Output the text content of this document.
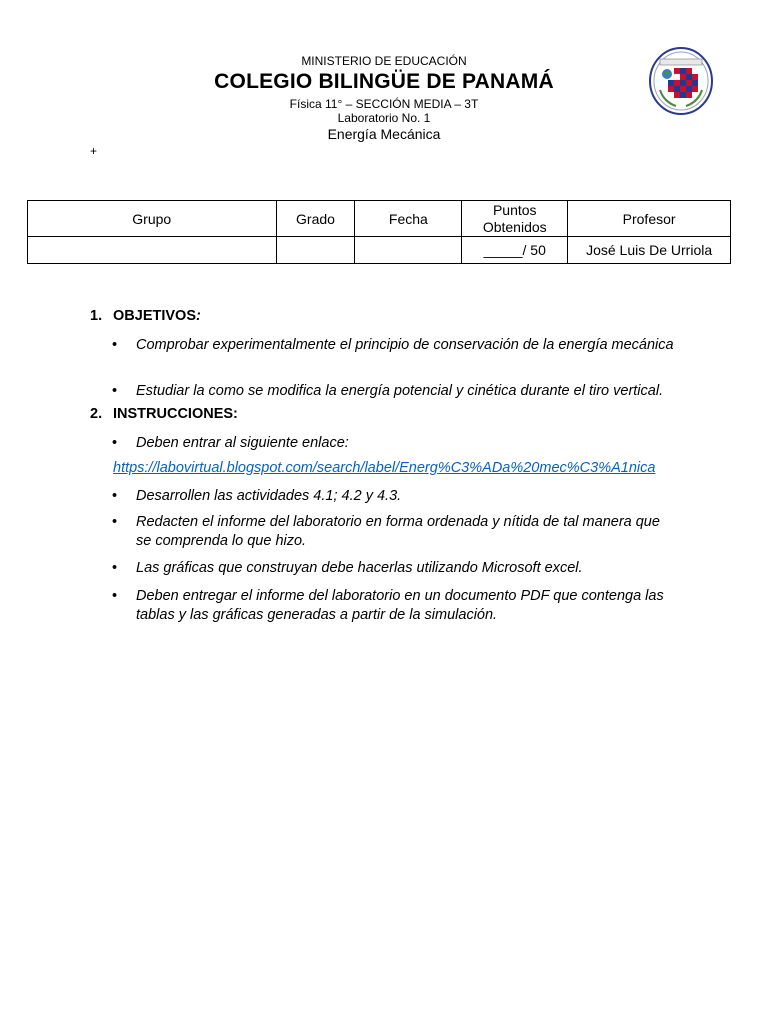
MINISTERIO DE EDUCACIÓN
COLEGIO BILINGÜE DE PANAMÁ
Física 11° – SECCIÓN MEDIA – 3T
Laboratorio No. 1
Energía Mecánica
+
Grupo	Grado	Fecha	Puntos Obtenidos	Profesor
			_____/ 50	José Luis De Urriola
1. OBJETIVOS:
• Comprobar experimentalmente el principio de conservación de la energía mecánica
• Estudiar la como se modifica la energía potencial y cinética durante el tiro vertical.
2. INSTRUCCIONES:
• Deben entrar al siguiente enlace:
https://labovirtual.blogspot.com/search/label/Energ%C3%ADa%20mec%C3%A1nica
• Desarrollen las actividades 4.1; 4.2 y 4.3.
• Redacten el informe del laboratorio en forma ordenada y nítida de tal manera que se comprenda lo que hizo.
• Las gráficas que construyan debe hacerlas utilizando Microsoft excel.
• Deben entregar el informe del laboratorio en un documento PDF que contenga las tablas y las gráficas generadas a partir de la simulación.
